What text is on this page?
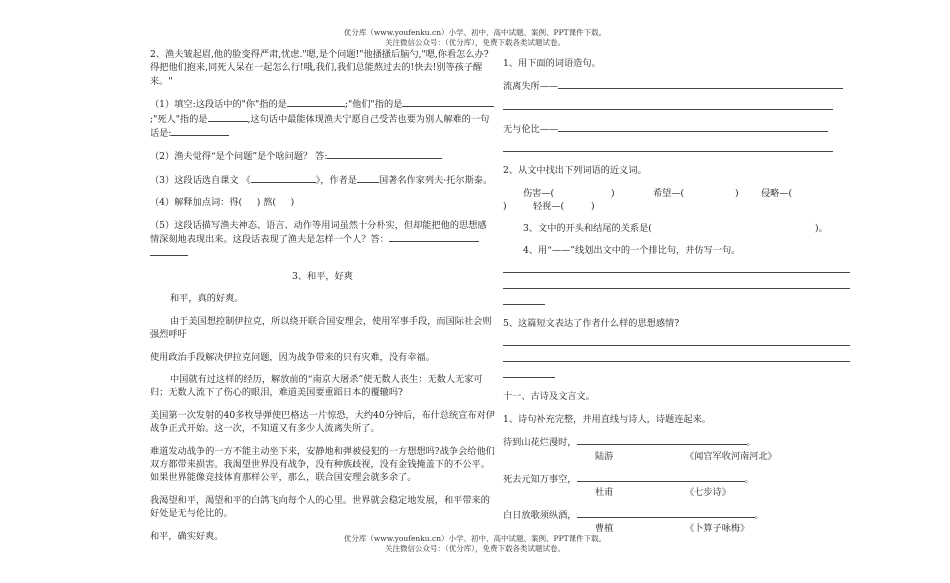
优分库（www.youfenku.cn）小学、初中、高中试题、案例、PPT课件下载。
关注微信公众号：（优分库），免费下载各类试题试卷。

2、渔夫皱起眉,他的脸变得严肃,忧虑."嗯,是个问题!"他搔搔后脑勺,"嗯,你看怎么办?得把他们抱来,同死人呆在一起怎么行!哦,我们,我们总能熬过去的!快去!别等孩子醒来。"

（1）填空:这段话中的"你"指的是	;"他们"指的是;"死人"指的是	,这句话中最能体现渔夫宁愿自己受苦也要为别人解难的一句话是:

（2）渔夫觉得“是个问题”是个啥问题？ 答:

（3）这段话选自课文 《	》，作者是 国著名作家列夫·托尔斯泰。

（4）解释加点词：得( ) 熬( )

（5）这段话描写渔夫神态、语言、动作等用词虽然十分朴实，但却能把他的思想感情深刻地表现出来。这段话表现了渔夫是怎样一个人？答：

3、和平，好爽

和平，真的好爽。

由于美国想控制伊拉克，所以绕开联合国安理会，使用军事手段，而国际社会则强烈呼吁

使用政治手段解决伊拉克问题，因为战争带来的只有灾难，没有幸福。

中国就有过这样的经历，解放前的“南京大屠杀”使无数人丧生：无数人无家可归；无数人流下了伤心的眼泪，难道美国要重蹈日本的覆辙吗?

美国第一次发射的40多枚导弹使巴格达一片惊恐，大约40分钟后，布什总统宣布对伊战争正式开始。这一次，不知道又有多少人流离失所了。

难道发动战争的一方不能主动坐下来，安静地和弹被侵犯的一方想想吗?战争会给他们双方都带来损害。我渴望世界没有战争，没有种族歧视，没有金钱掩盖下的不公平。如果世界能像竞技体育那样公平，那么，联合国安理会就多余了。

我渴望和平，渴望和平的白鸽飞向每个人的心里。世界就会稳定地发展，和平带来的好处是无与伦比的。

和平，确实好爽。

1、用下面的词语造句。

流离失所——

无与伦比——

2、从文中找出下列词语的近义词。

伤害—(	)	希望—(	) 侵略—(
)	轻视—(	)
3、文中的开头和结尾的关系是(	)。

4、用“——”线划出文中的一个排比句，并仿写一句。

5、这篇短文表达了作者什么样的思想感情?

十一、古诗及文言文。

1、诗句补充完整，并用直线与诗人，诗题连起来。

待到山花烂漫时，	。

陆游	《闻官军收河南河北》

死去元知万事空，	。

杜甫	《七步诗》

白日放歌须纵酒，	。

曹植	《卜算子咏梅》
优分库（www.youfenku.cn）小学、初中、高中试题、案例、PPT课件下载。
关注微信公众号：（优分库），免费下载各类试题试卷。
